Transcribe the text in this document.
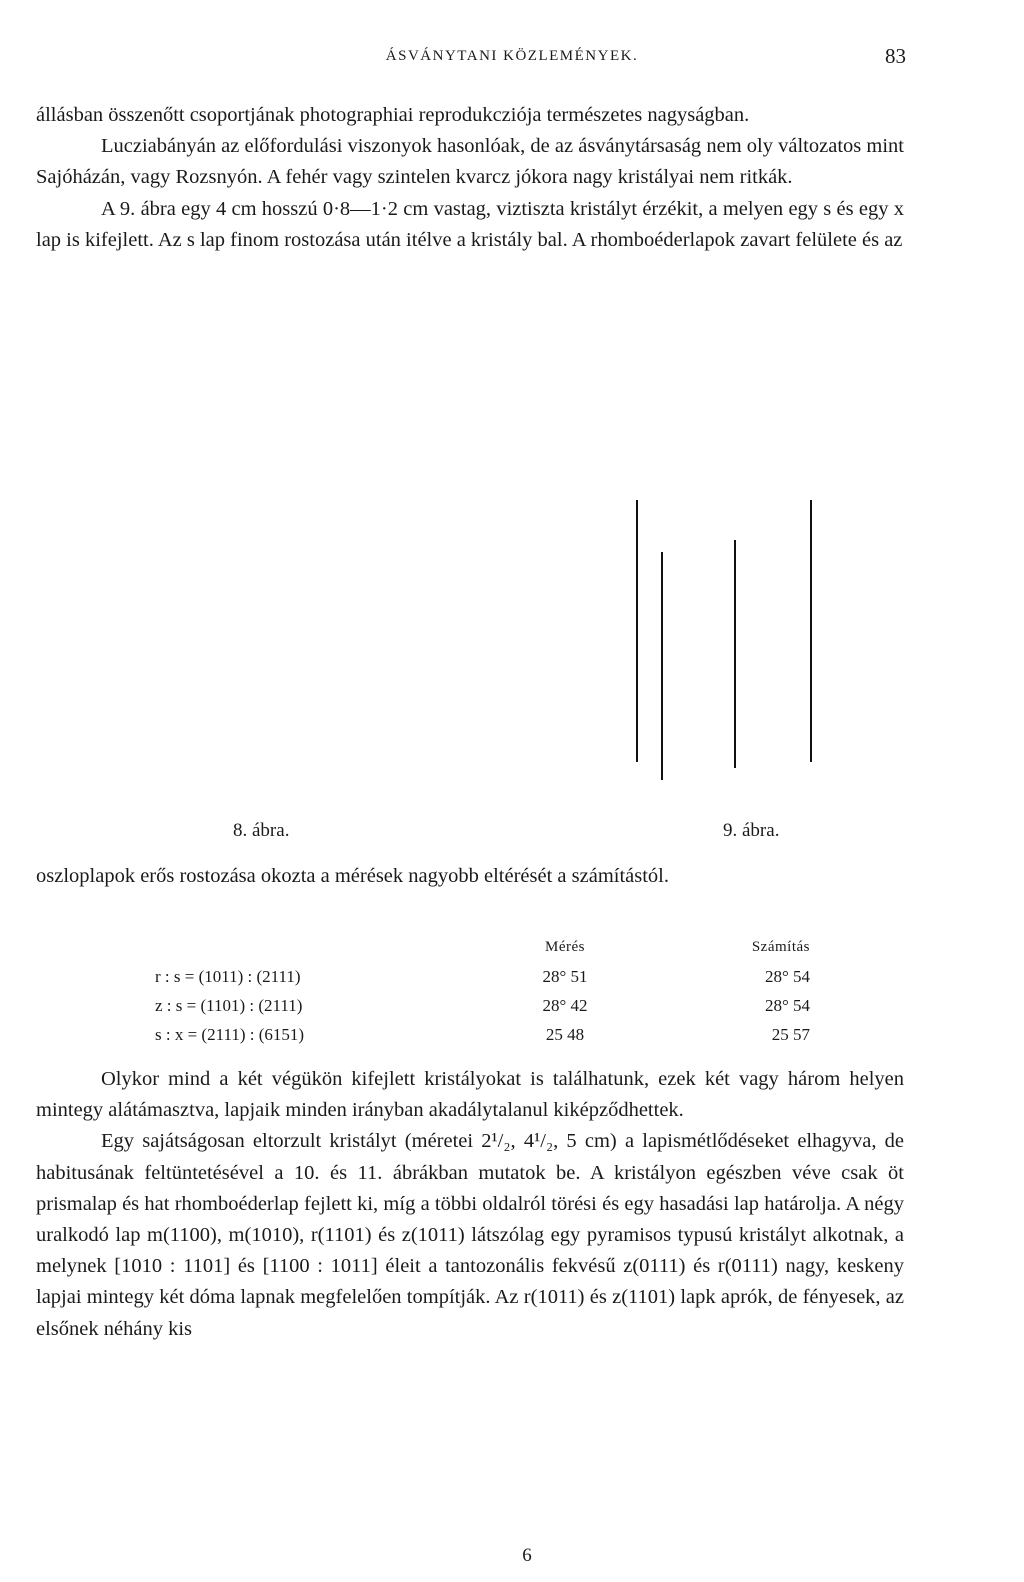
ÁSVÁNYTANI KÖZLEMÉNYEK.	83

állásban összenőtt csoportjának photographiai reprodukcziója természetes nagyságban.

Lucziabányán az előfordulási viszonyok hasonlóak, de az ásványtársaság nem oly változatos mint Sajóházán, vagy Rozsnyón. A fehér vagy szintelen kvarcz jókora nagy kristályai nem ritkák.

A 9. ábra egy 4 cm hosszú 0·8—1·2 cm vastag, viztiszta kristályt érzékit, a melyen egy s és egy x lap is kifejlett. Az s lap finom rostozása után itélve a kristály bal. A rhomboéderlapok zavart felülete és az

8. ábra.	9. ábra.

oszloplapok erős rostozása okozta a mérések nagyobb eltérését a számítástól.

	Mérés	Számítás
r : s = (1011) : (2111)	28° 51	28° 54
z : s = (1101) : (2111)	28° 42	28° 54
s : x = (2111) : (6151)	25 48	25 57

Olykor mind a két végükön kifejlett kristályokat is találhatunk, ezek két vagy három helyen mintegy alátámasztva, lapjaik minden irányban akadálytalanul kiképződhettek.

Egy sajátságosan eltorzult kristályt (méretei 2¹/₂, 4¹/₂, 5 cm) a lapismétlődéseket elhagyva, de habitusának feltüntetésével a 10. és 11. ábrákban mutatok be. A kristályon egészben véve csak öt prismalap és hat rhomboéderlap fejlett ki, míg a többi oldalról törési és egy hasadási lap határolja. A négy uralkodó lap m(1100), m(1010), r(1101) és z(1011) látszólag egy pyramisos typusú kristályt alkotnak, a melynek [1010 : 1101] és [1100 : 1011] éleit a tantozonális fekvésű z(0111) és r(0111) nagy, keskeny lapjai mintegy két dóma lapnak megfelelően tompítják. Az r(1011) és z(1101) lapk aprók, de fényesek, az elsőnek néhány kis

6
